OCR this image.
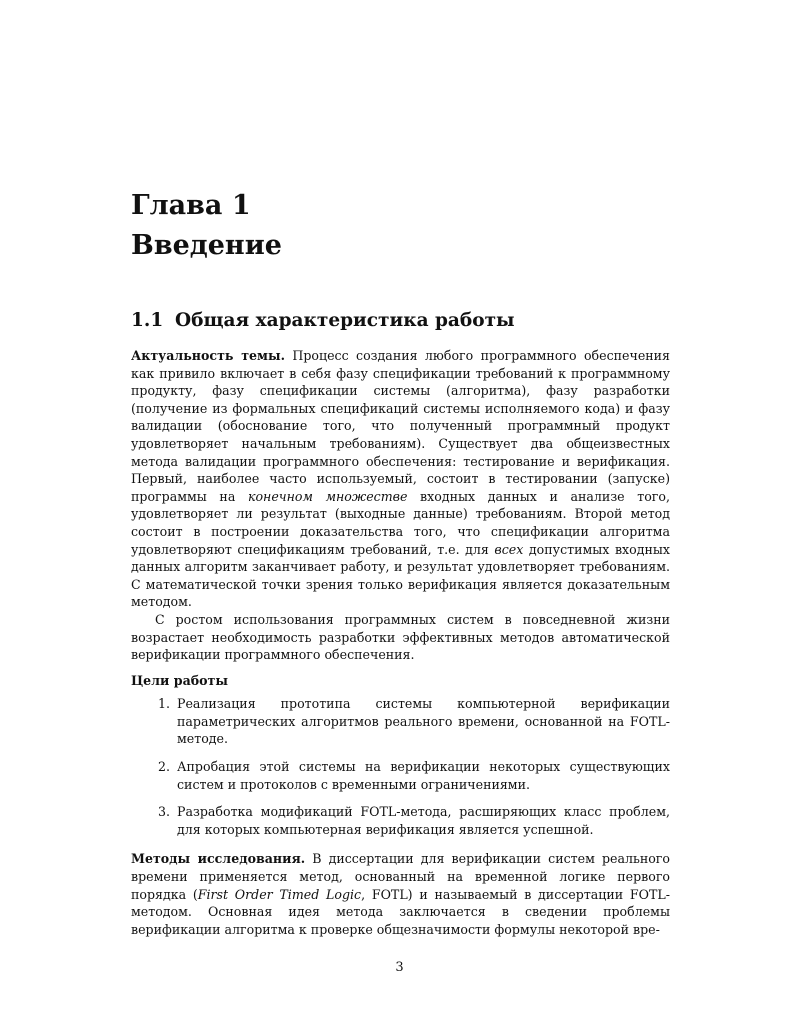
Глава 1
Введение
1.1 Общая характеристика работы

Актуальность темы. Процесс создания любого программного обеспечения как привило включает в себя фазу спецификации требований к программному продукту, фазу спецификации системы (алгоритма), фазу разработки (получение из формальных спецификаций системы исполняемого кода) и фазу валидации (обоснование того, что полученный программный продукт удовлетворяет начальным требованиям). Существует два общеизвестных метода валидации программного обеспечения: тестирование и верификация. Первый, наиболее часто используемый, состоит в тестировании (запуске) программы на конечном множестве входных данных и анализе того, удовлетворяет ли результат (выходные данные) требованиям. Второй метод состоит в построении доказательства того, что спецификации алгоритма удовлетворяют спецификациям требований, т.е. для всех допустимых входных данных алгоритм заканчивает работу, и результат удовлетворяет требованиям. С математической точки зрения только верификация является доказательным методом.

С ростом использования программных систем в повседневной жизни возрастает необходимость разработки эффективных методов автоматической верификации программного обеспечения.

Цели работы
1. Реализация прототипа системы компьютерной верификации параметрических алгоритмов реального времени, основанной на FOTL-методе.
2. Апробация этой системы на верификации некоторых существующих систем и протоколов с временными ограничениями.
3. Разработка модификаций FOTL-метода, расширяющих класс проблем, для которых компьютерная верификация является успешной.

Методы исследования. В диссертации для верификации систем реального времени применяется метод, основанный на временной логике первого порядка (First Order Timed Logic, FOTL) и называемый в диссертации FOTL-методом. Основная идея метода заключается в сведении проблемы верификации алгоритма к проверке общезначимости формулы некоторой вре-

3
